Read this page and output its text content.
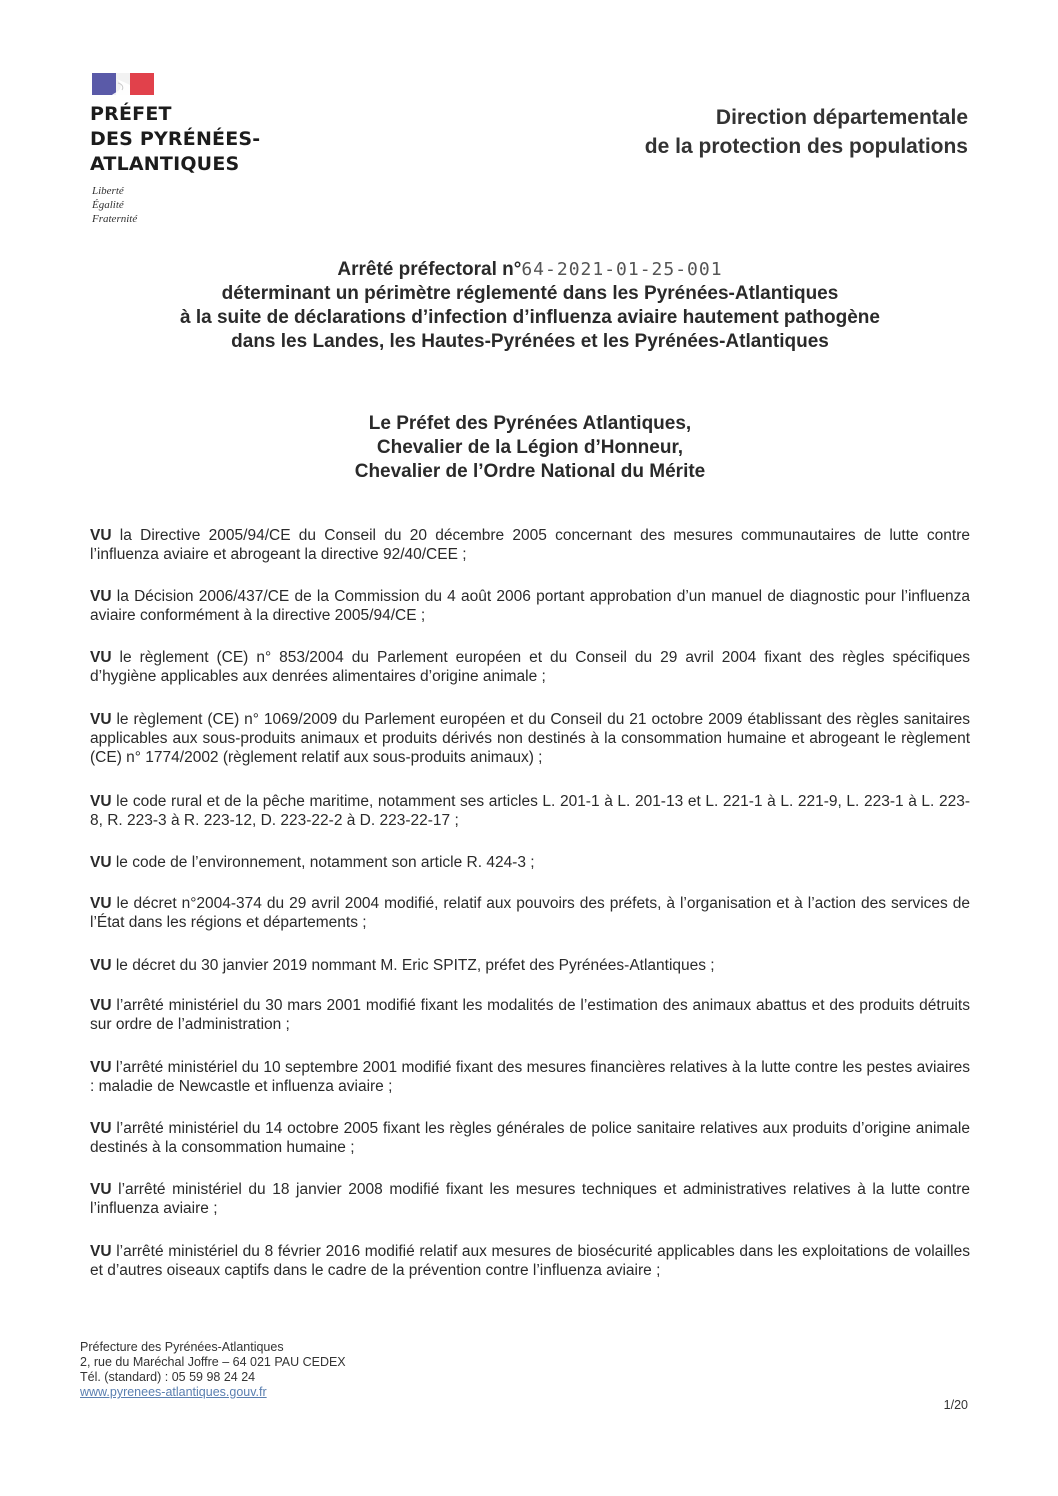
PRÉFET
DES PYRÉNÉES-
ATLANTIQUES
Liberté
Égalité
Fraternité
Direction départementale
de la protection des populations
Arrêté préfectoral n°64-2021-01-25-001
déterminant un périmètre réglementé dans les Pyrénées-Atlantiques
à la suite de déclarations d’infection d’influenza aviaire hautement pathogène
dans les Landes, les Hautes-Pyrénées et les Pyrénées-Atlantiques
Le Préfet des Pyrénées Atlantiques,
Chevalier de la Légion d’Honneur,
Chevalier de l’Ordre National du Mérite

VU la Directive 2005/94/CE du Conseil du 20 décembre 2005 concernant des mesures communautaires de lutte contre l’influenza aviaire et abrogeant la directive 92/40/CEE ;

VU la Décision 2006/437/CE de la Commission du 4 août 2006 portant approbation d’un manuel de diagnostic pour l’influenza aviaire conformément à la directive 2005/94/CE ;

VU le règlement (CE) n° 853/2004 du Parlement européen et du Conseil du 29 avril 2004 fixant des règles spécifiques d’hygiène applicables aux denrées alimentaires d’origine animale ;

VU le règlement (CE) n° 1069/2009 du Parlement européen et du Conseil du 21 octobre 2009 établissant des règles sanitaires applicables aux sous-produits animaux et produits dérivés non destinés à la consommation humaine et abrogeant le règlement (CE) n° 1774/2002 (règlement relatif aux sous-produits animaux) ;

VU le code rural et de la pêche maritime, notamment ses articles L. 201-1 à L. 201-13 et L. 221-1 à L. 221-9, L. 223-1 à L. 223-8, R. 223-3 à R. 223-12, D. 223-22-2 à D. 223-22-17 ;

VU le code de l’environnement, notamment son article R. 424-3 ;

VU le décret n°2004-374 du 29 avril 2004 modifié, relatif aux pouvoirs des préfets, à l’organisation et à l’action des services de l’État dans les régions et départements ;

VU le décret du 30 janvier 2019 nommant M. Eric SPITZ, préfet des Pyrénées-Atlantiques ;

VU l’arrêté ministériel du 30 mars 2001 modifié fixant les modalités de l’estimation des animaux abattus et des produits détruits sur ordre de l’administration ;

VU l’arrêté ministériel du 10 septembre 2001 modifié fixant des mesures financières relatives à la lutte contre les pestes aviaires : maladie de Newcastle et influenza aviaire ;

VU l’arrêté ministériel du 14 octobre 2005 fixant les règles générales de police sanitaire relatives aux produits d’origine animale destinés à la consommation humaine ;

VU l’arrêté ministériel du 18 janvier 2008 modifié fixant les mesures techniques et administratives relatives à la lutte contre l’influenza aviaire ;

VU l’arrêté ministériel du 8 février 2016 modifié relatif aux mesures de biosécurité applicables dans les exploitations de volailles et d’autres oiseaux captifs dans le cadre de la prévention contre l’influenza aviaire ;

Préfecture des Pyrénées-Atlantiques
2, rue du Maréchal Joffre – 64 021 PAU CEDEX
Tél. (standard) : 05 59 98 24 24
www.pyrenees-atlantiques.gouv.fr
1/20
